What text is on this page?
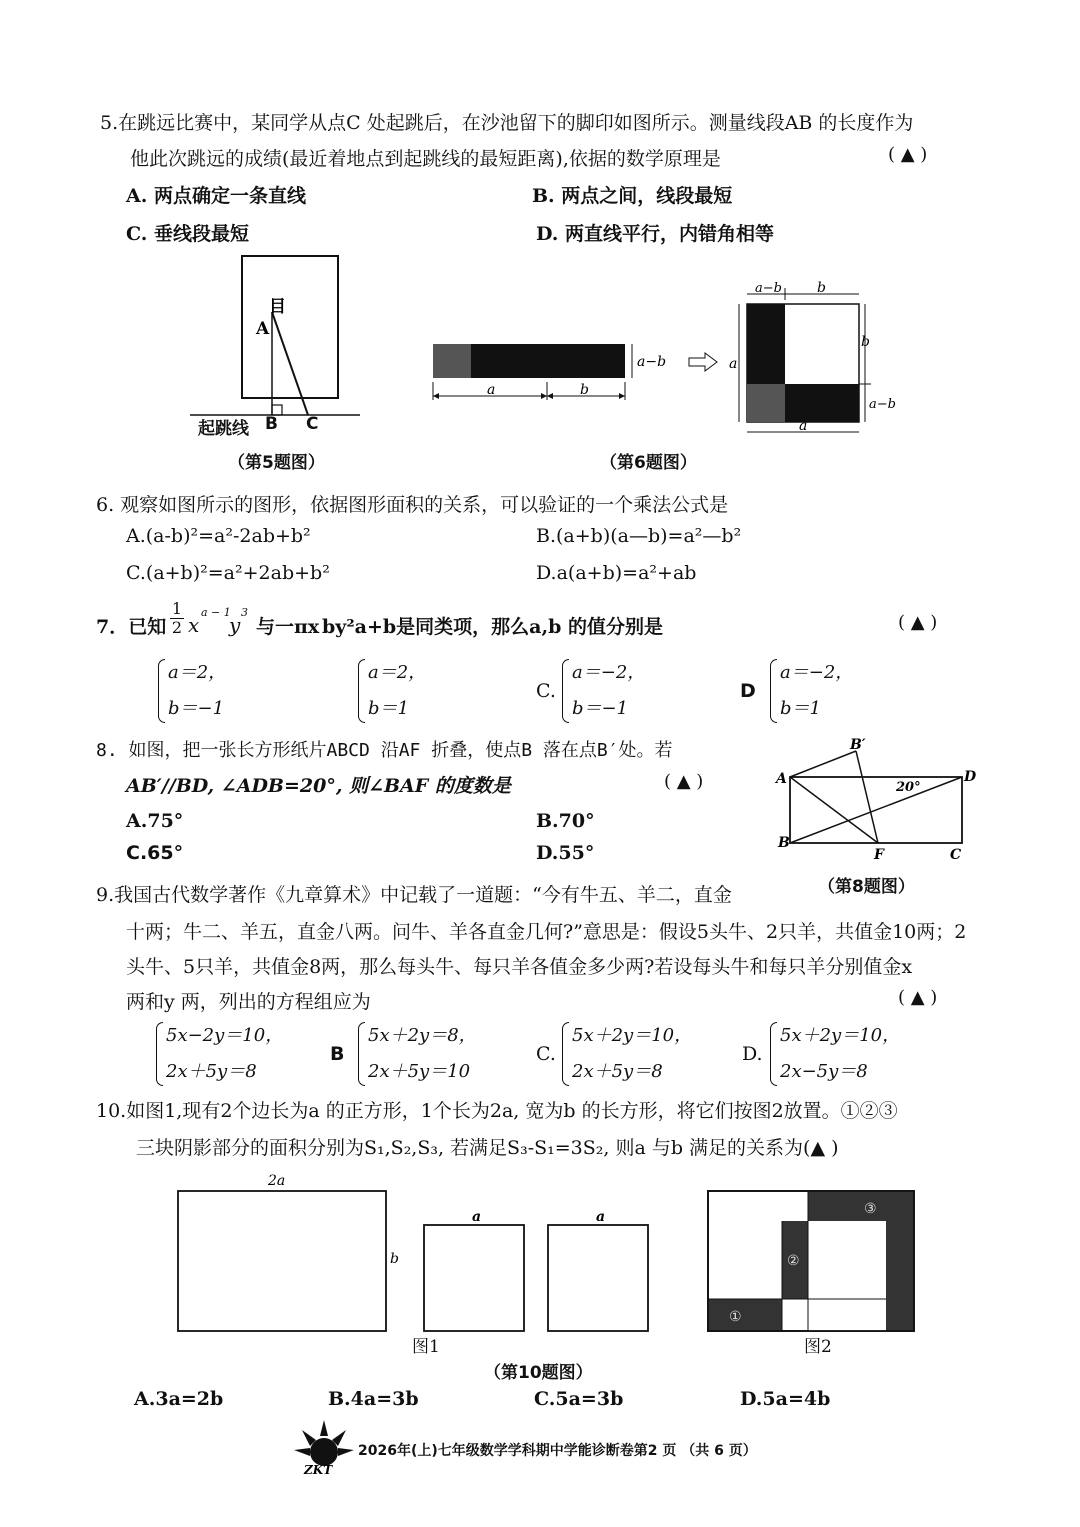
5.在跳远比赛中，某同学从点C 处起跳后，在沙池留下的脚印如图所示。测量线段AB 的长度作为
他此次跳远的成绩(最近着地点到起跳线的最短距离),依据的数学原理是	( ▲ )
A. 两点确定一条直线	B. 两点之间，线段最短
C. 垂线段最短	D. 两直线平行，内错角相等
目
A
起跳线 B C
（第5题图）
a	b
a−b
a−b	b
a
b
a−b
a
（第6题图）
6. 观察如图所示的图形，依据图形面积的关系，可以验证的一个乘法公式是
A.(a-b)²=a²-2ab+b²	B.(a+b)(a—b)=a²—b²
C.(a+b)²=a²+2ab+b²	D.a(a+b)=a²+ab
7．已知 $\frac{1}{2}$ x
a − 1
y
3
与一πx by²a+b是同类项，那么a,b 的值分别是	( ▲ )
a＝2，
b＝−1
a＝2，
b＝1
C.
a＝−2，
b＝−1
D
a＝−2，
b＝1
8. 如图，把一张长方形纸片ABCD 沿AF 折叠，使点B 落在点B′处。若
AB′//BD, ∠ADB=20°, 则∠BAF 的度数是	( ▲ )
A.75°	B.70°
C.65°	D.55°
20°
A
B′
D
B
F	C
（第8题图）
9.我国古代数学著作《九章算术》中记载了一道题：“今有牛五、羊二，直金
十两；牛二、羊五，直金八两。问牛、羊各直金几何?”意思是：假设5头牛、2只羊，共值金10两；2
头牛、5只羊，共值金8两，那么每头牛、每只羊各值金多少两?若设每头牛和每只羊分别值金x
两和y 两，列出的方程组应为	( ▲ )
5x−2y＝10，
2x＋5y＝8
B
5x＋2y＝8，
2x＋5y＝10
C.
5x＋2y＝10，
2x＋5y＝8
D.
5x＋2y＝10，
2x−5y＝8
10.如图1,现有2个边长为a 的正方形，1个长为2a, 宽为b 的长方形，将它们按图2放置。①②③
三块阴影部分的面积分别为S₁,S₂,S₃, 若满足S₃-S₁=3S₂, 则a 与b 满足的关系为(▲ )
2a
b
a	a
①
②
③
图1	图2
（第10题图）
A.3a=2b	B.4a=3b	C.5a=3b	D.5a=4b
ZKT
2026年(上)七年级数学学科期中学能诊断卷第2 页 （共 6 页）
